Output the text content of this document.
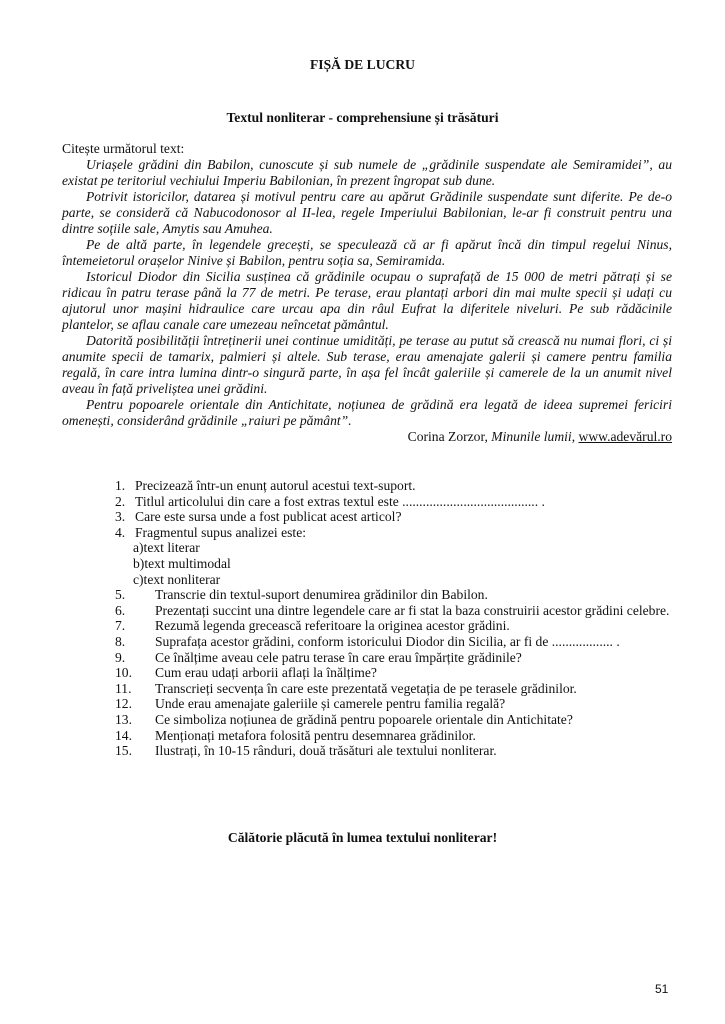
FIȘĂ DE LUCRU
Textul nonliterar - comprehensiune și trăsături
Citește următorul text:

Uriașele grădini din Babilon, cunoscute și sub numele de „grădinile suspendate ale Semiramidei”, au existat pe teritoriul vechiului Imperiu Babilonian, în prezent îngropat sub dune.

Potrivit istoricilor, datarea și motivul pentru care au apărut Grădinile suspendate sunt diferite. Pe de-o parte, se consideră că Nabucodonosor al II-lea, regele Imperiului Babilonian, le-ar fi construit pentru una dintre soțiile sale, Amytis sau Amuhea.

Pe de altă parte, în legendele grecești, se speculează că ar fi apărut încă din timpul regelui Ninus, întemeietorul orașelor Ninive și Babilon, pentru soția sa, Semiramida.

Istoricul Diodor din Sicilia susținea că grădinile ocupau o suprafață de 15 000 de metri pătrați și se ridicau în patru terase până la 77 de metri. Pe terase, erau plantați arbori din mai multe specii și udați cu ajutorul unor mașini hidraulice care urcau apa din râul Eufrat la diferitele niveluri. Pe sub rădăcinile plantelor, se aflau canale care umezeau neîncetat pământul.

Datorită posibilității întreținerii unei continue umidități, pe terase au putut să crească nu numai flori, ci și anumite specii de tamarix, palmieri și altele. Sub terase, erau amenajate galerii și camere pentru familia regală, în care intra lumina dintr-o singură parte, în așa fel încât galeriile și camerele de la un anumit nivel aveau în față priveliștea unei grădini.

Pentru popoarele orientale din Antichitate, noțiunea de grădină era legată de ideea supremei fericiri omenești, considerând grădinile „raiuri pe pământ”.

Corina Zorzor, Minunile lumii, www.adevărul.ro
1. Precizează într-un enunț autorul acestui text-suport.
2. Titlul articolului din care a fost extras textul este ........................................ .
3. Care este sursa unde a fost publicat acest articol?
4. Fragmentul supus analizei este:
a)text literar
b)text multimodal
c)text nonliterar
5.	Transcrie din textul-suport denumirea grădinilor din Babilon.
6.	Prezentați succint una dintre legendele care ar fi stat la baza construirii acestor grădini celebre.
7.	Rezumă legenda grecească referitoare la originea acestor grădini.
8.	Suprafața acestor grădini, conform istoricului Diodor din Sicilia, ar fi de .................. .
9.	Ce înălțime aveau cele patru terase în care erau împărțite grădinile?
10.	Cum erau udați arborii aflați la înălțime?
11.	Transcrieți secvența în care este prezentată vegetația de pe terasele grădinilor.
12.	Unde erau amenajate galeriile și camerele pentru familia regală?
13.	Ce simboliza noțiunea de grădină pentru popoarele orientale din Antichitate?
14.	Menționați metafora folosită pentru desemnarea grădinilor.
15.	Ilustrați, în 10-15 rânduri, două trăsături ale textului nonliterar.
Călătorie plăcută în lumea textului nonliterar!
51
